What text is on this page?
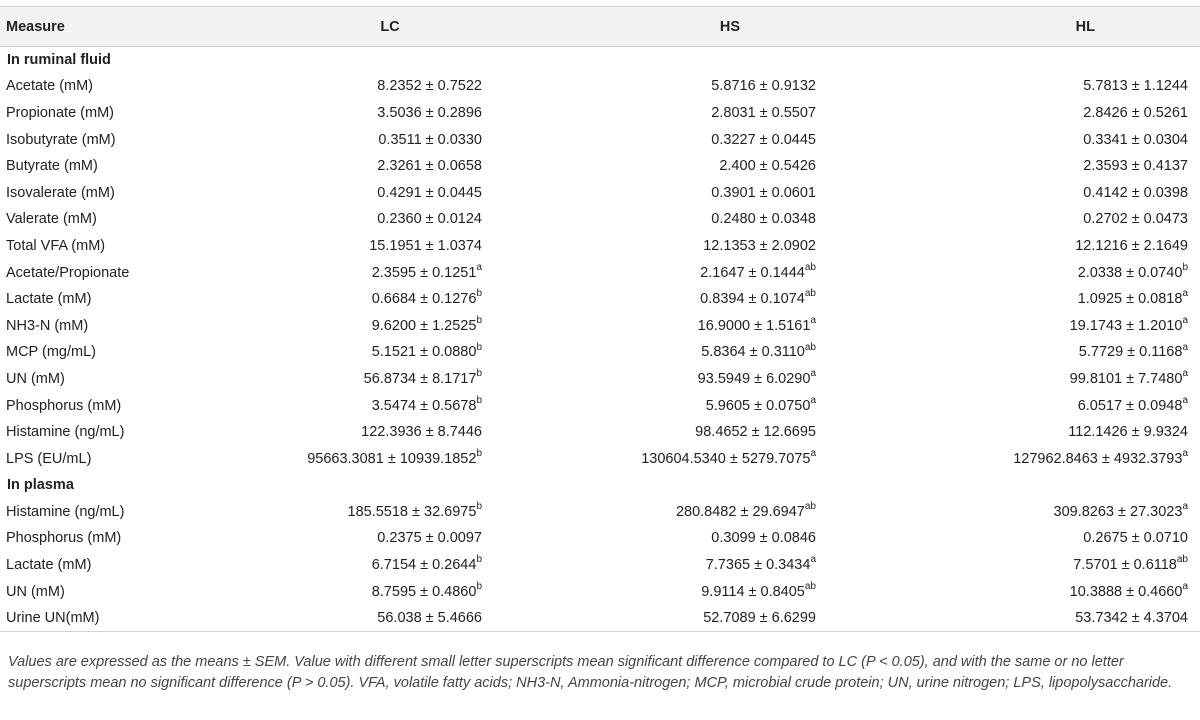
Measure	LC	HS	HL
In ruminal fluid			
Acetate (mM)	8.2352 ± 0.7522	5.8716 ± 0.9132	5.7813 ± 1.1244
Propionate (mM)	3.5036 ± 0.2896	2.8031 ± 0.5507	2.8426 ± 0.5261
Isobutyrate (mM)	0.3511 ± 0.0330	0.3227 ± 0.0445	0.3341 ± 0.0304
Butyrate (mM)	2.3261 ± 0.0658	2.400 ± 0.5426	2.3593 ± 0.4137
Isovalerate (mM)	0.4291 ± 0.0445	0.3901 ± 0.0601	0.4142 ± 0.0398
Valerate (mM)	0.2360 ± 0.0124	0.2480 ± 0.0348	0.2702 ± 0.0473
Total VFA (mM)	15.1951 ± 1.0374	12.1353 ± 2.0902	12.1216 ± 2.1649
Acetate/Propionate	2.3595 ± 0.1251$^a$	2.1647 ± 0.1444$^{ab}$	2.0338 ± 0.0740$^b$
Lactate (mM)	0.6684 ± 0.1276$^b$	0.8394 ± 0.1074$^{ab}$	1.0925 ± 0.0818$^a$
NH3-N (mM)	9.6200 ± 1.2525$^b$	16.9000 ± 1.5161$^a$	19.1743 ± 1.2010$^a$
MCP (mg/mL)	5.1521 ± 0.0880$^b$	5.8364 ± 0.3110$^{ab}$	5.7729 ± 0.1168$^a$
UN (mM)	56.8734 ± 8.1717$^b$	93.5949 ± 6.0290$^a$	99.8101 ± 7.7480$^a$
Phosphorus (mM)	3.5474 ± 0.5678$^b$	5.9605 ± 0.0750$^a$	6.0517 ± 0.0948$^a$
Histamine (ng/mL)	122.3936 ± 8.7446	98.4652 ± 12.6695	112.1426 ± 9.9324
LPS (EU/mL)	95663.3081 ± 10939.1852$^b$	130604.5340 ± 5279.7075$^a$	127962.8463 ± 4932.3793$^a$
In plasma			
Histamine (ng/mL)	185.5518 ± 32.6975$^b$	280.8482 ± 29.6947$^{ab}$	309.8263 ± 27.3023$^a$
Phosphorus (mM)	0.2375 ± 0.0097	0.3099 ± 0.0846	0.2675 ± 0.0710
Lactate (mM)	6.7154 ± 0.2644$^b$	7.7365 ± 0.3434$^a$	7.5701 ± 0.6118$^{ab}$
UN (mM)	8.7595 ± 0.4860$^b$	9.9114 ± 0.8405$^{ab}$	10.3888 ± 0.4660$^a$
Urine UN(mM)	56.038 ± 5.4666	52.7089 ± 6.6299	53.7342 ± 4.3704
Values are expressed as the means ± SEM. Value with different small letter superscripts mean significant difference compared to LC (P < 0.05), and with the same or no letter superscripts mean no significant difference (P > 0.05). VFA, volatile fatty acids; NH3-N, Ammonia-nitrogen; MCP, microbial crude protein; UN, urine nitrogen; LPS, lipopolysaccharide.
